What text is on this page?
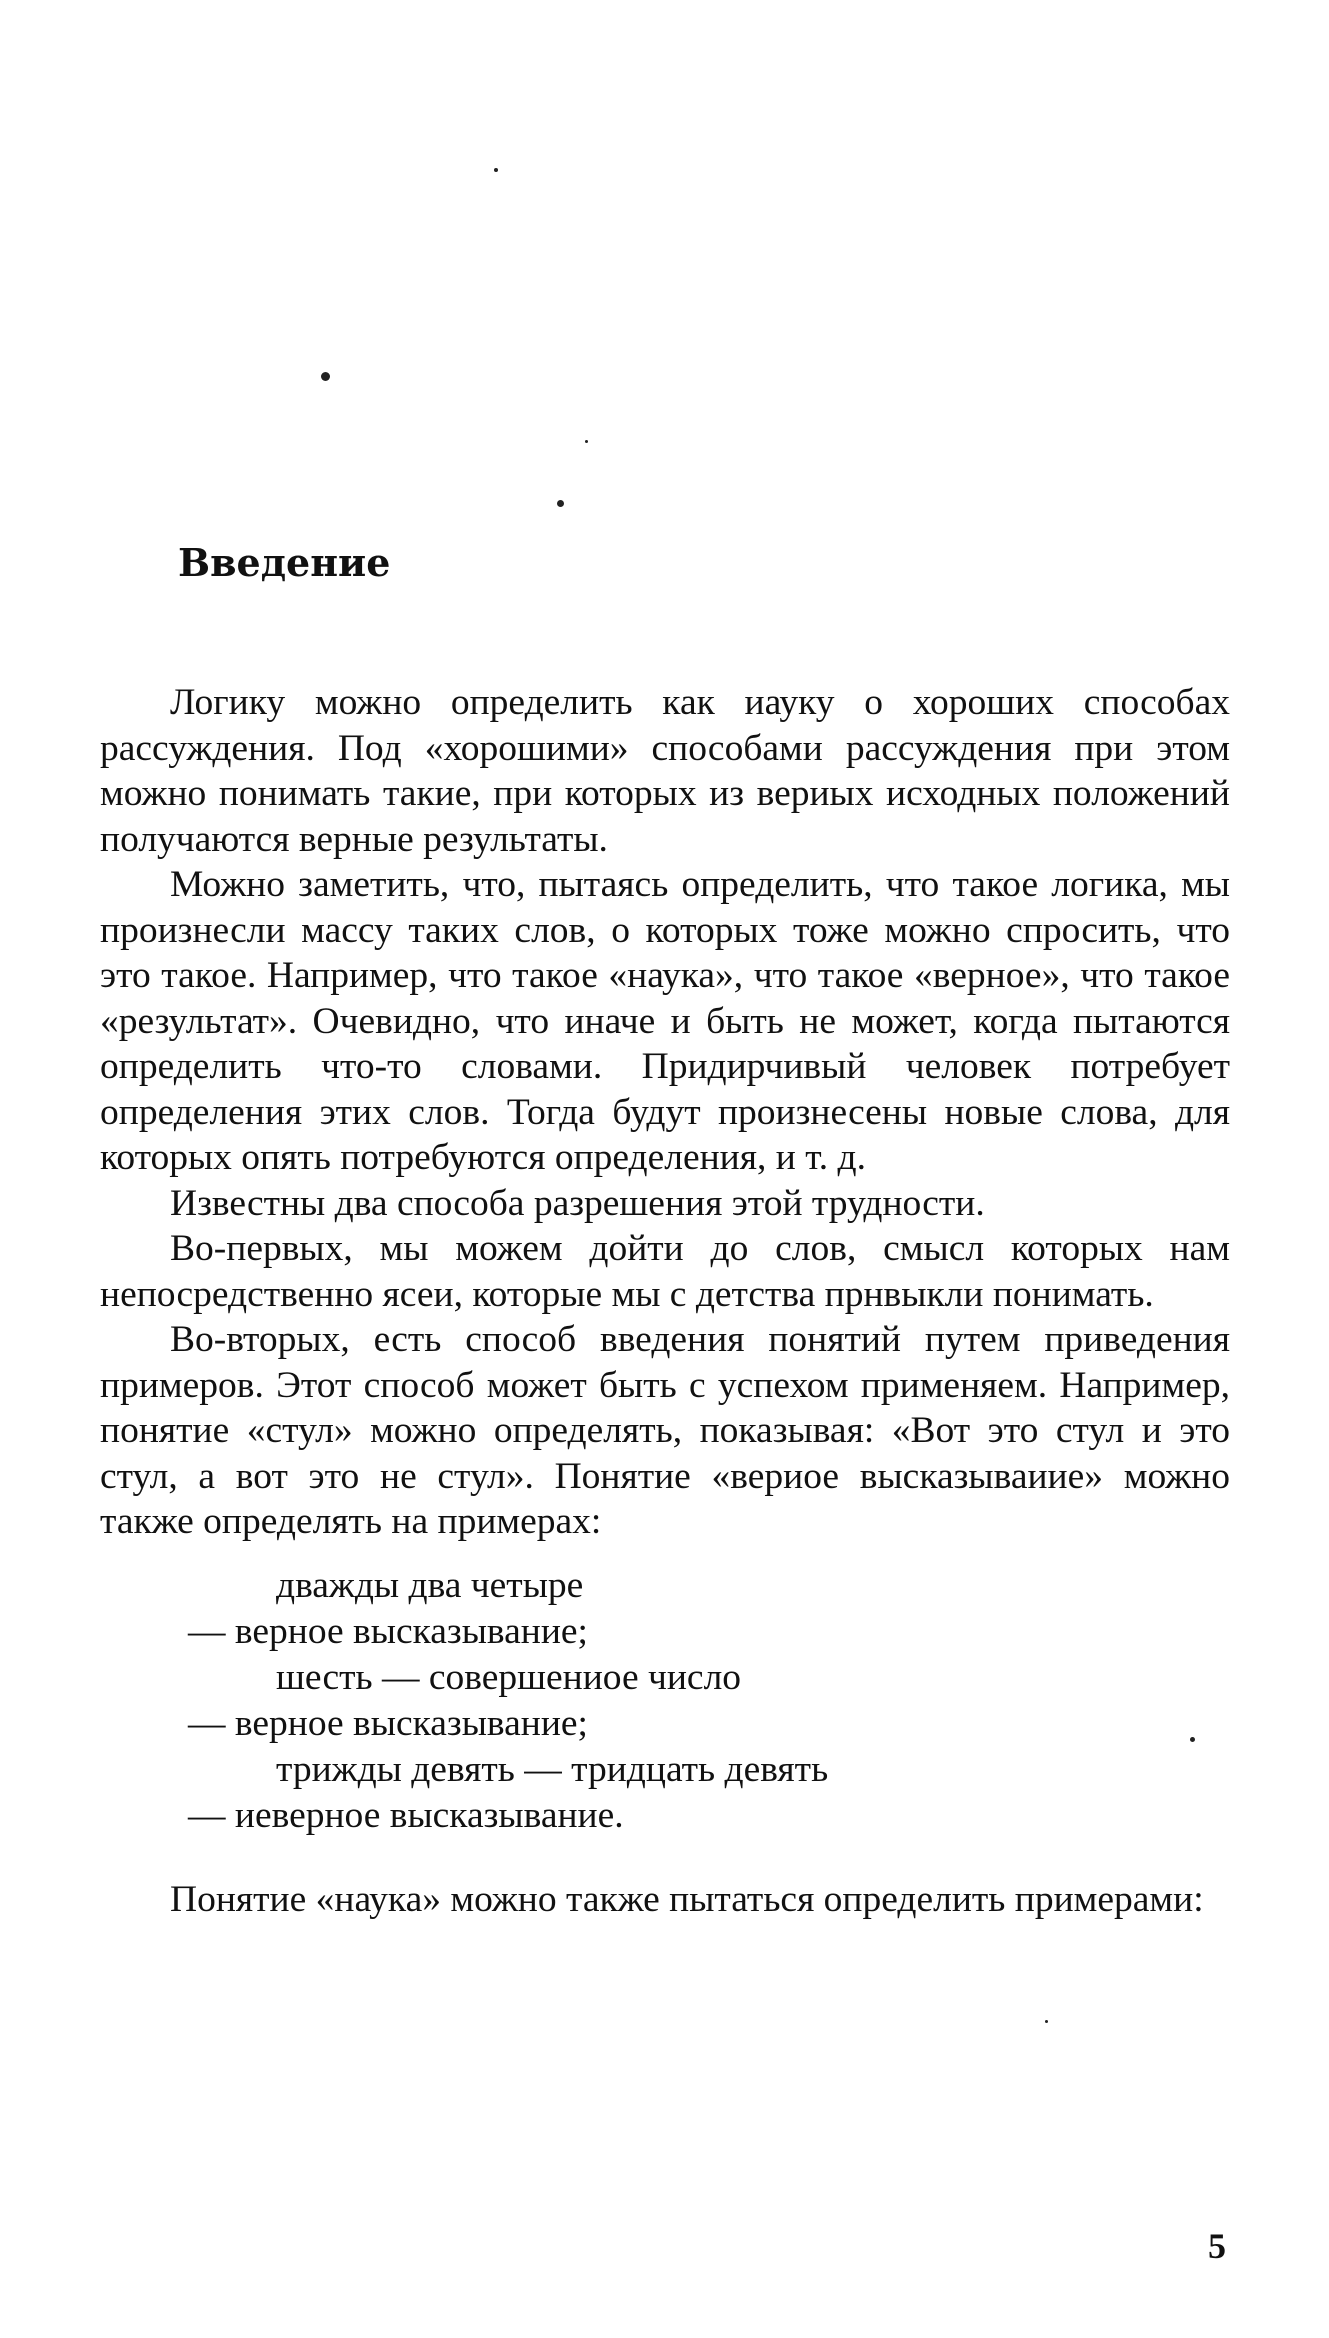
Введение

Логику можно определить как иауку о хороших способах рассуждения. Под «хорошими» способами рассуждения при этом можно понимать такие, при которых из вериых исходных положений получаются верные результаты.

Можно заметить, что, пытаясь определить, что такое логика, мы произнесли массу таких слов, о которых тоже можно спросить, что это такое. Например, что такое «наука», что такое «верное», что такое «результат». Очевидно, что иначе и быть не может, когда пытаются определить что-то словами. Придирчивый человек потребует определения этих слов. Тогда будут произнесены новые слова, для которых опять потребуются определения, и т. д.

Известны два способа разрешения этой трудности.

Во-первых, мы можем дойти до слов, смысл которых нам непосредственно ясеи, которые мы с детства прнвыкли понимать.

Во-вторых, есть способ введения понятий путем приведения примеров. Этот способ может быть с успехом применяем. Например, понятие «стул» можно определять, показывая: «Вот это стул и это стул, а вот это не стул». Понятие «вериое высказываиие» можно также определять на примерах:

дважды два четыре
— верное высказывание;
шесть — совершениое число
— верное высказывание;
трижды девять — тридцать девять
— иеверное высказывание.

Понятие «наука» можно также пытаться определить примерами:

5
